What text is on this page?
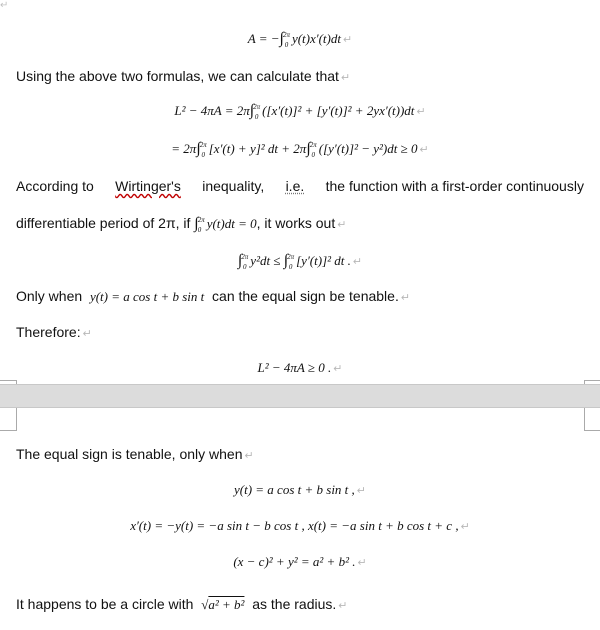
↵
A = −∫ 2π
0 y(t)x′(t)dt ↵
Using the above two formulas, we can calculate that ↵
L² − 4πA = 2π∫ 2π
0 ([x′(t)]² + [y′(t)]² + 2yx′(t))dt ↵
= 2π∫ 2π
0 [x′(t) + y]² dt + 2π∫ 2π
0 ([y′(t)]² − y²)dt ≥ 0 ↵
According to Wirtinger's inequality, i.e. the function with a first-order continuously
differentiable period of 2π, if ∫ 2π
0 y(t)dt = 0, it works out ↵
∫ 2π
0 y²dt ≤ ∫ 2π
0 [y′(t)]² dt . ↵
Only when y(t) = a cos t + b sin t can the equal sign be tenable. ↵
Therefore: ↵
L² − 4πA ≥ 0 . ↵
The equal sign is tenable, only when ↵
y(t) = a cos t + b sin t , ↵
x′(t) = −y(t) = −a sin t − b cos t , x(t) = −a sin t + b cos t + c , ↵
(x − c)² + y² = a² + b² . ↵
It happens to be a circle with √a² + b² as the radius. ↵
